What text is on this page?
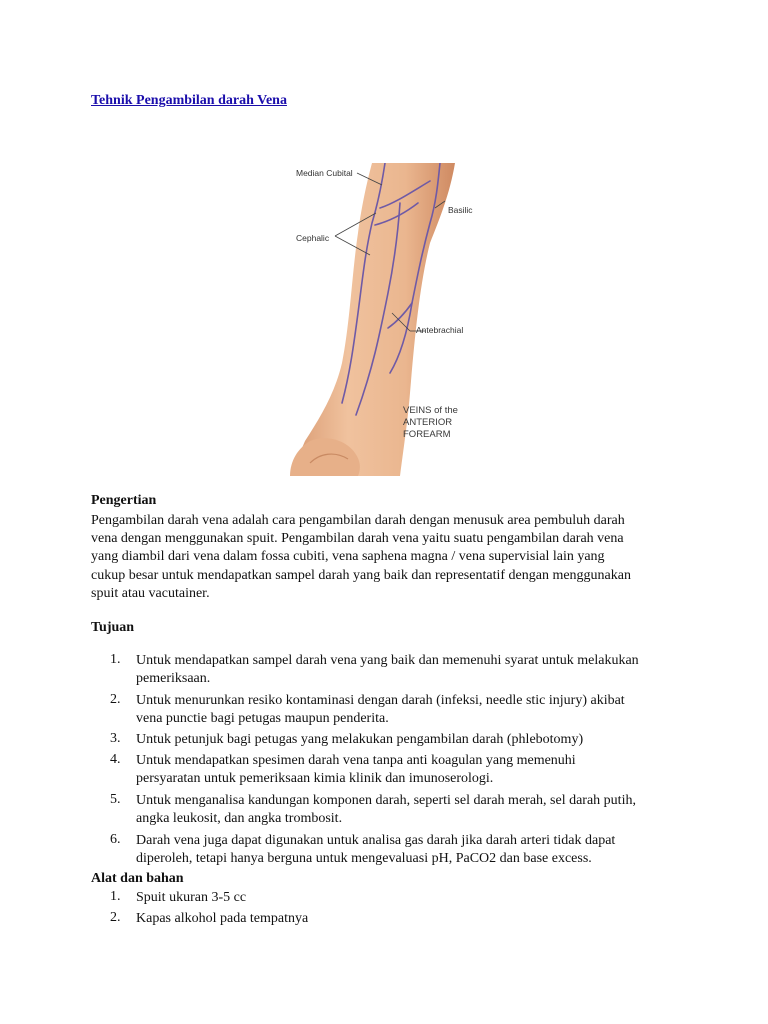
Tehnik Pengambilan darah Vena
Median Cubital
Basilic
Cephalic
Antebrachial
VEINS of the
ANTERIOR
FOREARM
Pengertian

Pengambilan darah vena adalah cara pengambilan darah dengan menusuk area pembuluh darah
vena dengan menggunakan spuit. Pengambilan darah vena yaitu suatu pengambilan darah vena
yang diambil dari vena dalam fossa cubiti, vena saphena magna / vena supervisial lain yang
cukup besar untuk mendapatkan sampel darah yang baik dan representatif dengan menggunakan
spuit atau vacutainer.

Tujuan
1.	Untuk mendapatkan sampel darah vena yang baik dan memenuhi syarat untuk melakukan
pemeriksaan.
2.	Untuk menurunkan resiko kontaminasi dengan darah (infeksi, needle stic injury) akibat
vena punctie bagi petugas maupun penderita.
3.	Untuk petunjuk bagi petugas yang melakukan pengambilan darah (phlebotomy)
4.	Untuk mendapatkan spesimen darah vena tanpa anti koagulan yang memenuhi
persyaratan untuk pemeriksaan kimia klinik dan imunoserologi.
5.	Untuk menganalisa kandungan komponen darah, seperti sel darah merah, sel darah putih,
angka leukosit, dan angka trombosit.
6.	Darah vena juga dapat digunakan untuk analisa gas darah jika darah arteri tidak dapat
diperoleh, tetapi hanya berguna untuk mengevaluasi pH, PaCO2 dan base excess.
Alat dan bahan
1.	Spuit ukuran 3-5 cc
2.	Kapas alkohol pada tempatnya
